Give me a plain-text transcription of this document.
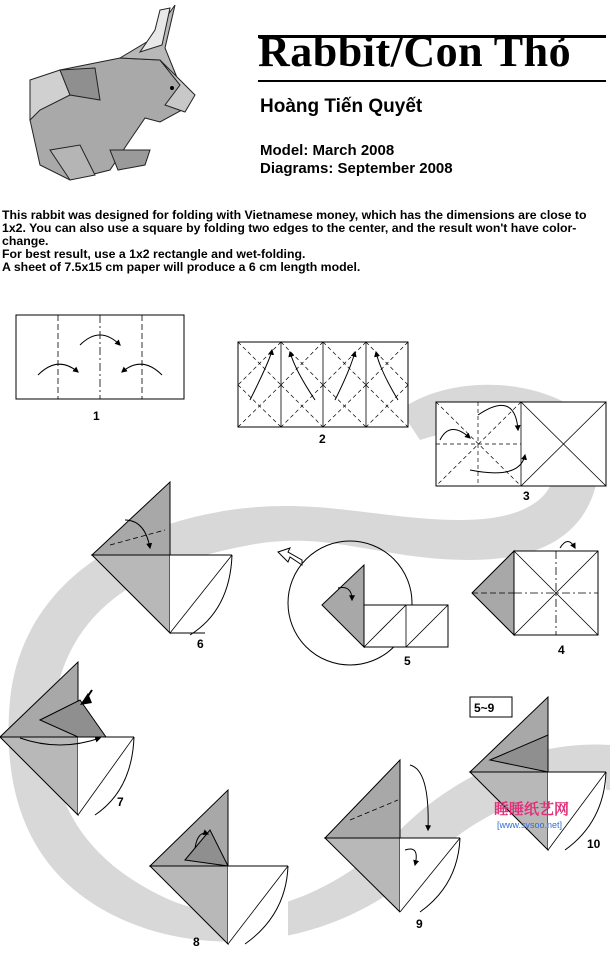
1
2
3
4
5
6
7
8
9
10
5~9
Rabbit/Con Thỏ
Hoàng Tiến Quyết
Model: March 2008
Diagrams: September 2008

This rabbit was designed for folding with Vietnamese money, which has the dimensions are close to 1x2. You can also use a square by folding two edges to the center, and the result won't have color-change.

For best result, use a 1x2 rectangle and wet-folding.

A sheet of 7.5x15 cm paper will produce a 6 cm length model.

睡睡纸艺网
[www.sysoo.net]
